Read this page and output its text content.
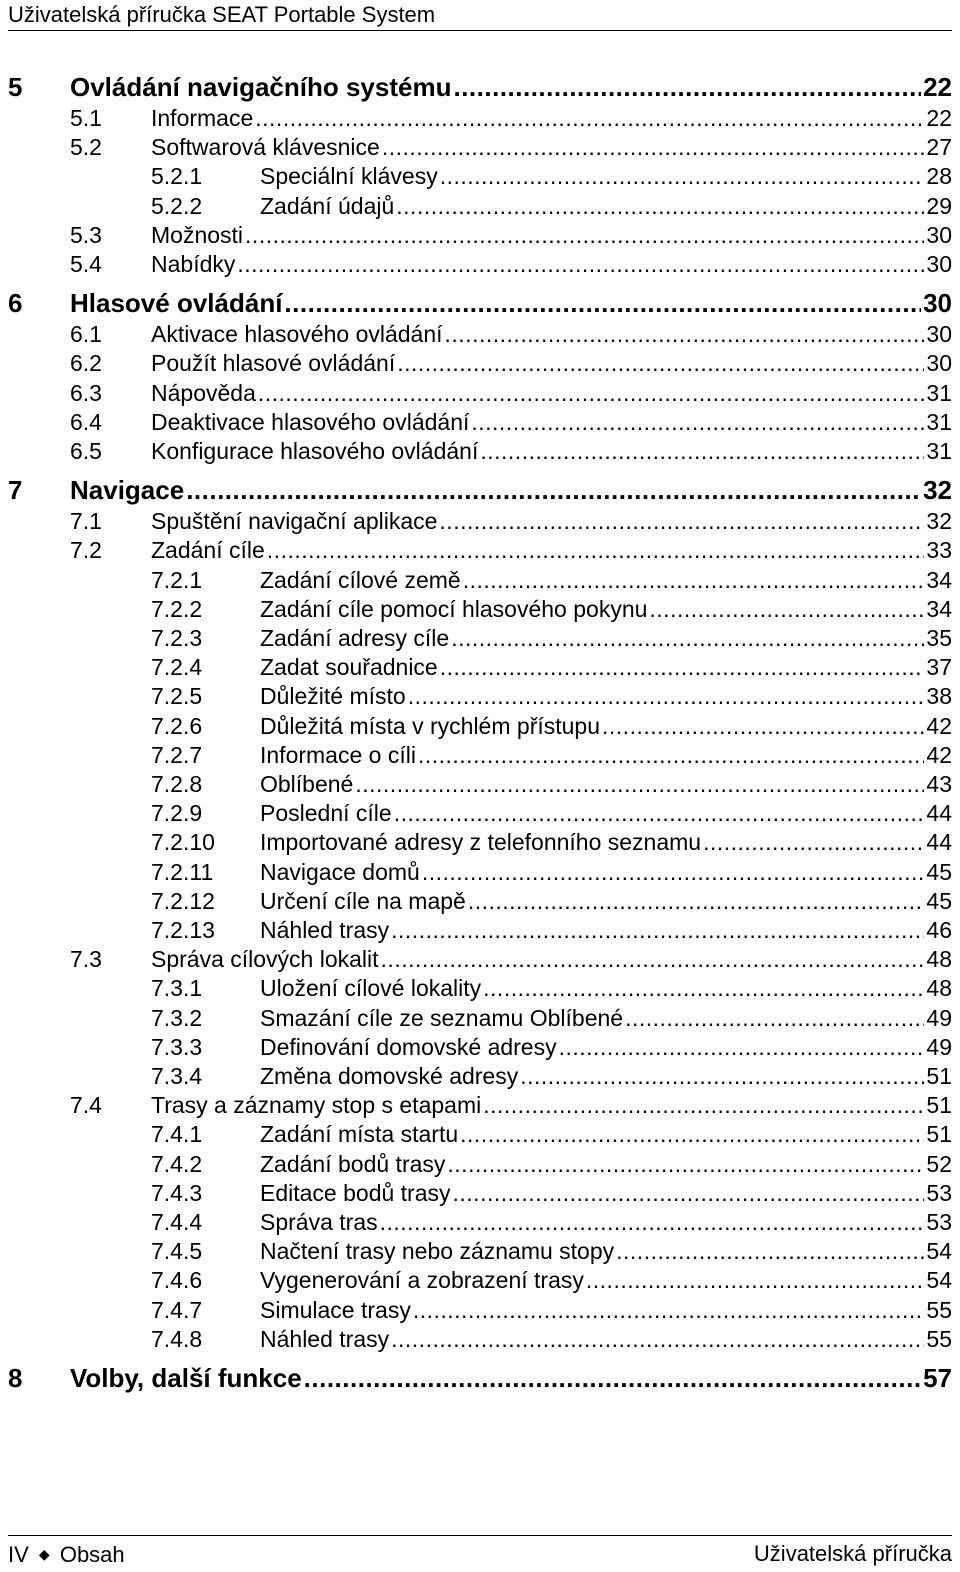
Uživatelská příručka SEAT Portable System
5 Ovládání navigačního systému .....	22
5.1 Informace .....	22
5.2 Softwarová klávesnice .....	27
5.2.1	Speciální klávesy .....	28
5.2.2	Zadání údajů .....	29
5.3 Možnosti .....	30
5.4 Nabídky .....	30
6 Hlasové ovládání .....	30
6.1 Aktivace hlasového ovládání .....	30
6.2 Použít hlasové ovládání .....	30
6.3 Nápověda .....	31
6.4 Deaktivace hlasového ovládání .....	31
6.5 Konfigurace hlasového ovládání .....	31
7 Navigace .....	32
7.1 Spuštění navigační aplikace .....	32
7.2 Zadání cíle .....	33
7.2.1	Zadání cílové země .....	34
7.2.2	Zadání cíle pomocí hlasového pokynu .....	34
7.2.3	Zadání adresy cíle .....	35
7.2.4	Zadat souřadnice .....	37
7.2.5	Důležité místo .....	38
7.2.6	Důležitá místa v rychlém přístupu .....	42
7.2.7	Informace o cíli .....	42
7.2.8	Oblíbené .....	43
7.2.9	Poslední cíle .....	44
7.2.10 Importované adresy z telefonního seznamu .....	44
7.2.11 Navigace domů .....	45
7.2.12 Určení cíle na mapě .....	45
7.2.13 Náhled trasy .....	46
7.3 Správa cílových lokalit .....	48
7.3.1	Uložení cílové lokality .....	48
7.3.2	Smazání cíle ze seznamu Oblíbené .....	49
7.3.3	Definování domovské adresy .....	49
7.3.4	Změna domovské adresy .....	51
7.4 Trasy a záznamy stop s etapami .....	51
7.4.1	Zadání místa startu .....	51
7.4.2	Zadání bodů trasy .....	52
7.4.3	Editace bodů trasy .....	53
7.4.4	Správa tras .....	53
7.4.5	Načtení trasy nebo záznamu stopy .....	54
7.4.6	Vygenerování a zobrazení trasy .....	54
7.4.7	Simulace trasy .....	55
7.4.8	Náhled trasy .....	55
8 Volby, další funkce .....	57
IV ◆ Obsah	Uživatelská příručka
